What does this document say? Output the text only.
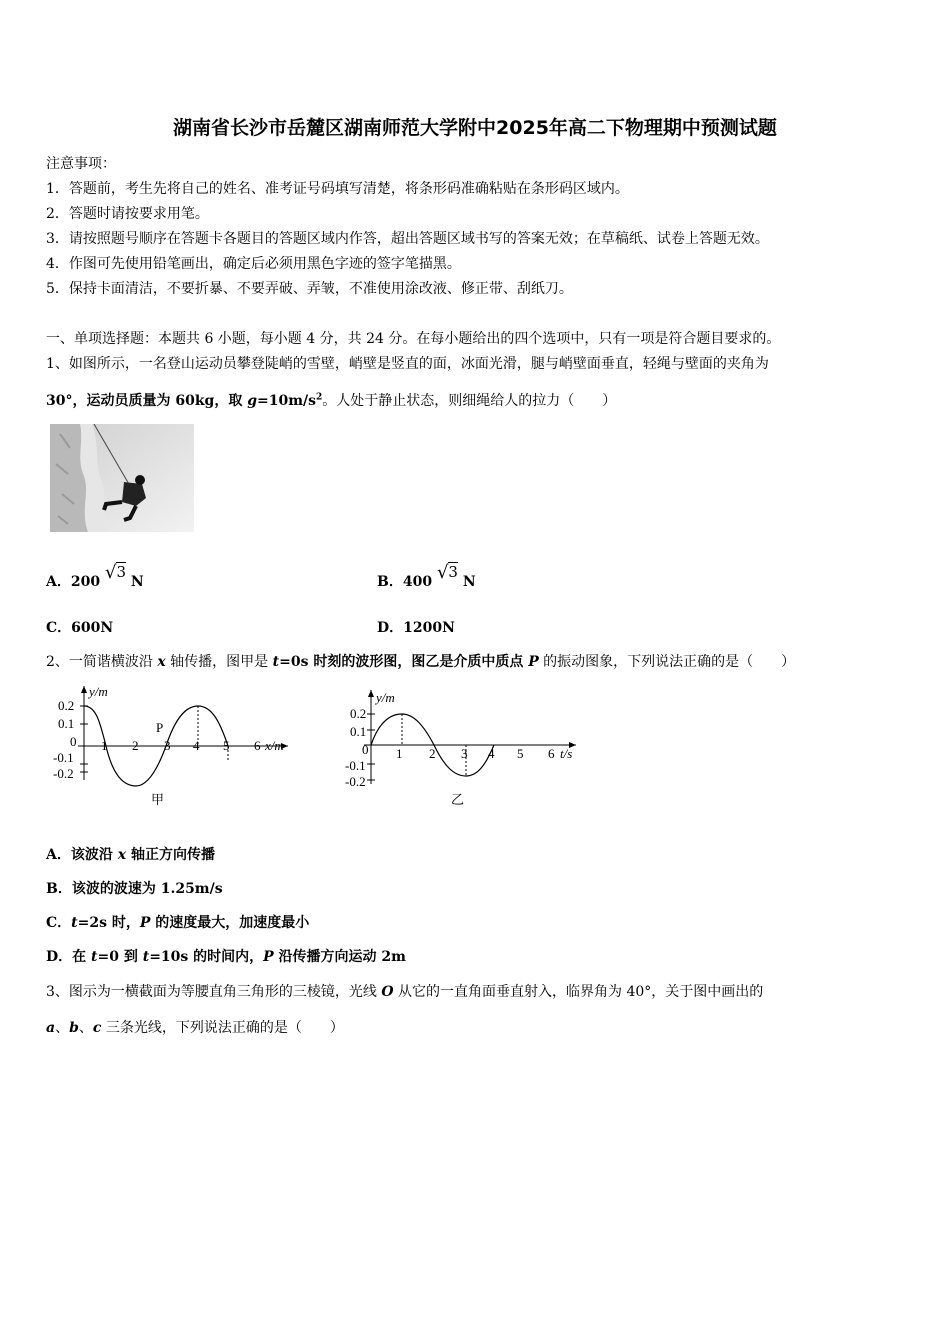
湖南省长沙市岳麓区湖南师范大学附中2025年高二下物理期中预测试题
注意事项：
1．答题前，考生先将自己的姓名、准考证号码填写清楚，将条形码准确粘贴在条形码区域内。
2．答题时请按要求用笔。
3．请按照题号顺序在答题卡各题目的答题区域内作答，超出答题区域书写的答案无效；在草稿纸、试卷上答题无效。
4．作图可先使用铅笔画出，确定后必须用黑色字迹的签字笔描黑。
5．保持卡面清洁，不要折暴、不要弄破、弄皱，不准使用涂改液、修正带、刮纸刀。
一、单项选择题：本题共 6 小题，每小题 4 分，共 24 分。在每小题给出的四个选项中，只有一项是符合题目要求的。
1、如图所示，一名登山运动员攀登陡峭的雪壁，峭壁是竖直的面，冰面光滑，腿与峭壁面垂直，轻绳与壁面的夹角为
30°，运动员质量为 60kg，取 $g=10m/s^2$。人处于静止状态，则细绳给人的拉力（　　）
A．200 √3 N	B．400 √3 N
C．600N	D．1200N
2、一简谐横波沿 x 轴传播，图甲是 t=0s 时刻的波形图，图乙是介质中质点 P 的振动图象，下列说法正确的是（　　）
y/m
x/m
0.2
0.1
0
-0.1
-0.2
1 2 3 4 5 6
P
甲
y/m
t/s
0.2
0.1
0
-0.1
-0.2
1 2 3 4 5 6
乙
A．该波沿 x 轴正方向传播
B．该波的波速为 1.25m/s
C．t=2s 时，P 的速度最大，加速度最小
D．在 t=0 到 t=10s 的时间内，P 沿传播方向运动 2m
3、图示为一横截面为等腰直角三角形的三棱镜，光线 O 从它的一直角面垂直射入，临界角为 40°，关于图中画出的
a、b、c 三条光线，下列说法正确的是（　　）
